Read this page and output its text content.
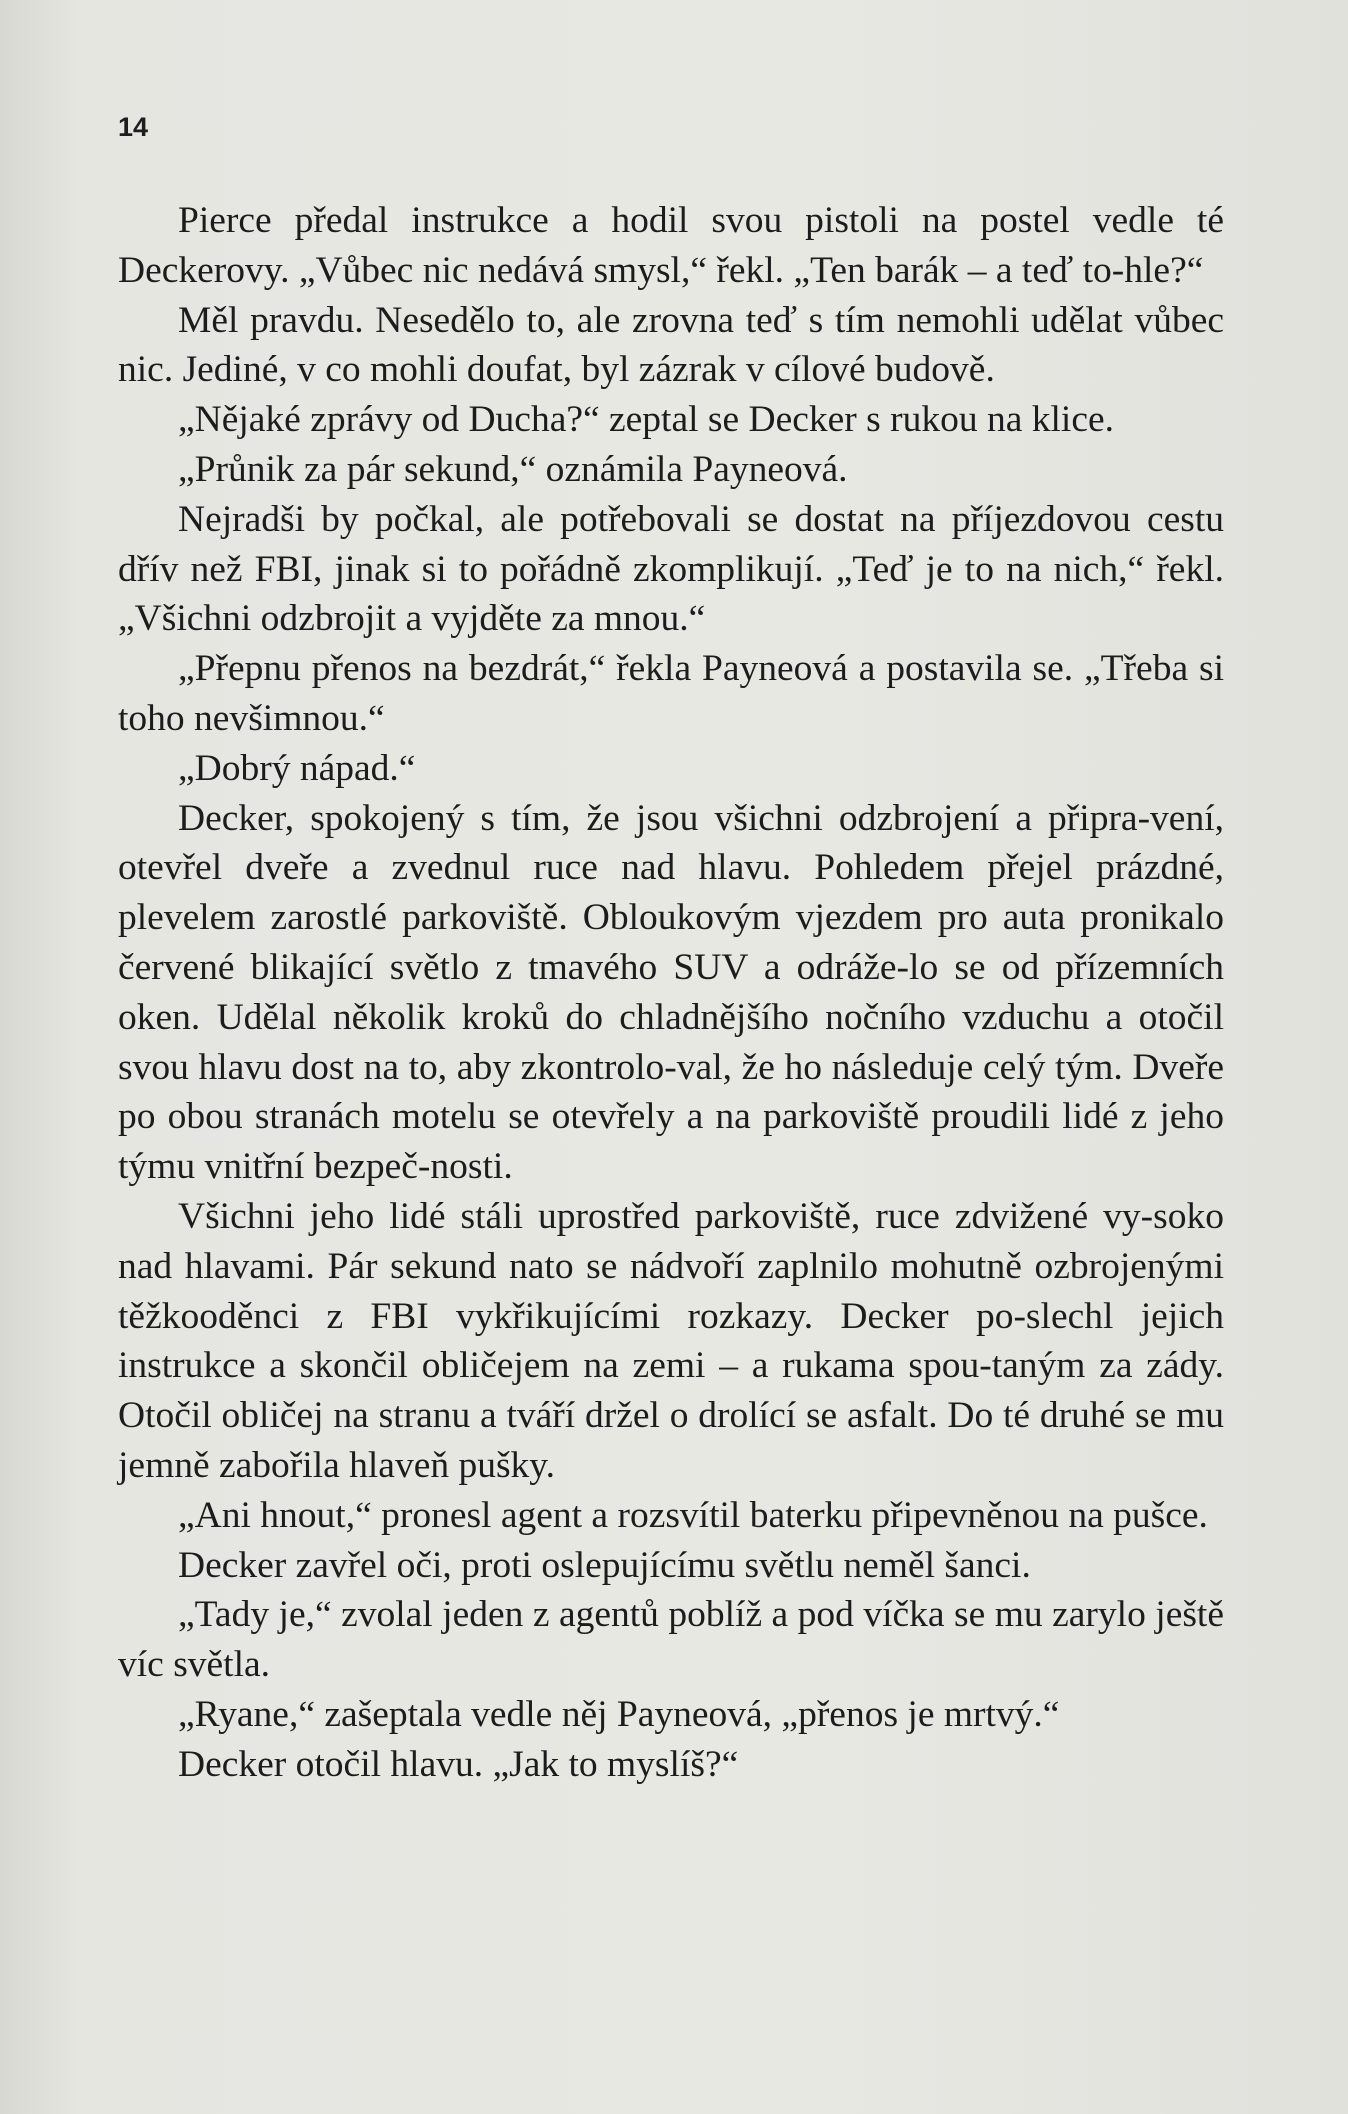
14

Pierce předal instrukce a hodil svou pistoli na postel vedle té Deckerovy. „Vůbec nic nedává smysl,“ řekl. „Ten barák – a teď to-hle?“

Měl pravdu. Nesedělo to, ale zrovna teď s tím nemohli udělat vůbec nic. Jediné, v co mohli doufat, byl zázrak v cílové budově.

„Nějaké zprávy od Ducha?“ zeptal se Decker s rukou na klice.

„Průnik za pár sekund,“ oznámila Payneová.

Nejradši by počkal, ale potřebovali se dostat na příjezdovou cestu dřív než FBI, jinak si to pořádně zkomplikují. „Teď je to na nich,“ řekl. „Všichni odzbrojit a vyjděte za mnou.“

„Přepnu přenos na bezdrát,“ řekla Payneová a postavila se. „Třeba si toho nevšimnou.“

„Dobrý nápad.“

Decker, spokojený s tím, že jsou všichni odzbrojení a připra-vení, otevřel dveře a zvednul ruce nad hlavu. Pohledem přejel prázdné, plevelem zarostlé parkoviště. Obloukovým vjezdem pro auta pronikalo červené blikající světlo z tmavého SUV a odráže-lo se od přízemních oken. Udělal několik kroků do chladnějšího nočního vzduchu a otočil svou hlavu dost na to, aby zkontrolo-val, že ho následuje celý tým. Dveře po obou stranách motelu se otevřely a na parkoviště proudili lidé z jeho týmu vnitřní bezpeč-nosti.

Všichni jeho lidé stáli uprostřed parkoviště, ruce zdvižené vy-soko nad hlavami. Pár sekund nato se nádvoří zaplnilo mohutně ozbrojenými těžkooděnci z FBI vykřikujícími rozkazy. Decker po-slechl jejich instrukce a skončil obličejem na zemi – a rukama spou-taným za zády. Otočil obličej na stranu a tváří držel o drolící se asfalt. Do té druhé se mu jemně zabořila hlaveň pušky.

„Ani hnout,“ pronesl agent a rozsvítil baterku připevněnou na pušce.

Decker zavřel oči, proti oslepujícímu světlu neměl šanci.

„Tady je,“ zvolal jeden z agentů poblíž a pod víčka se mu zarylo ještě víc světla.

„Ryane,“ zašeptala vedle něj Payneová, „přenos je mrtvý.“

Decker otočil hlavu. „Jak to myslíš?“
